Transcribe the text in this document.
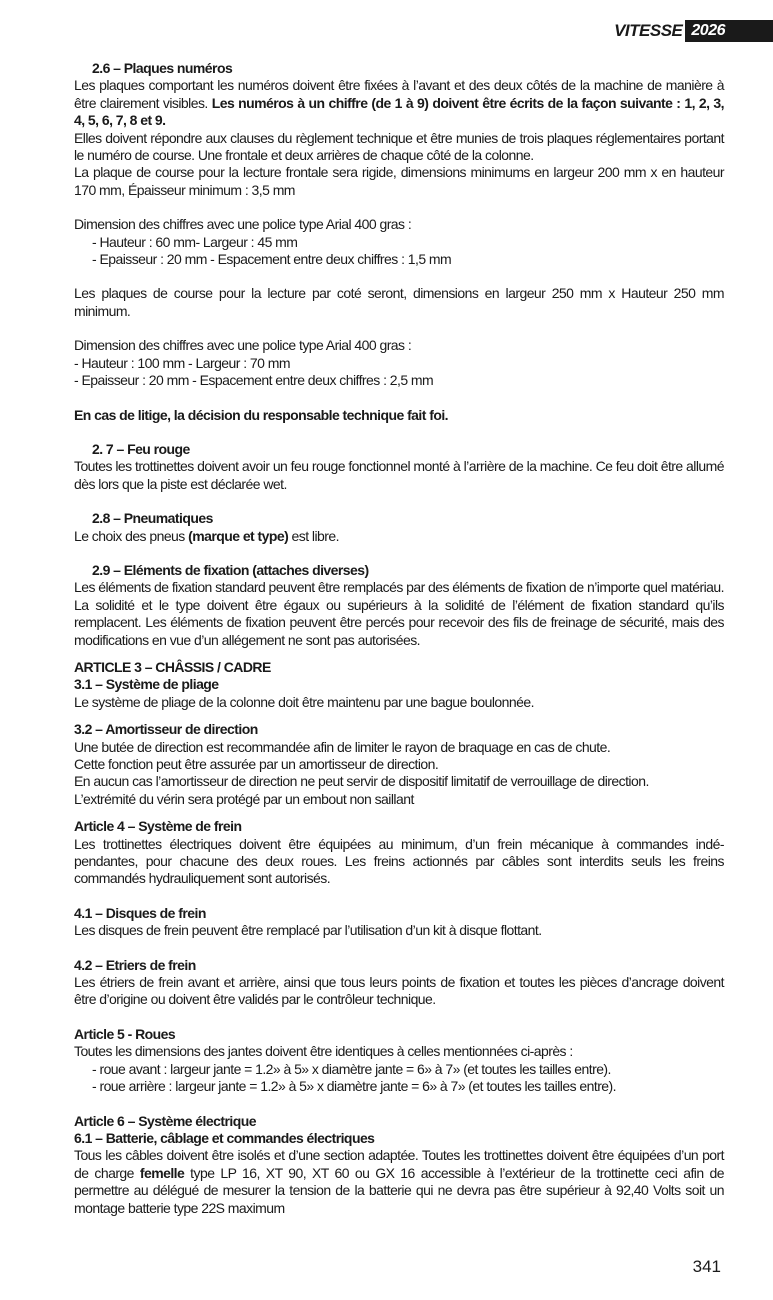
VITESSE 2026

2.6 – Plaques numéros

Les plaques comportant les numéros doivent être fixées à l’avant et des deux côtés de la machine de manière à être clairement visibles. Les numéros à un chiffre (de 1 à 9) doivent être écrits de la façon suivante : 1, 2, 3, 4, 5, 6, 7, 8 et 9.

Elles doivent répondre aux clauses du règlement technique et être munies de trois plaques réglementaires portant le numéro de course. Une frontale et deux arrières de chaque côté de la colonne.

La plaque de course pour la lecture frontale sera rigide, dimensions minimums en largeur 200 mm x en hauteur 170 mm, Épaisseur minimum : 3,5 mm

Dimension des chiffres avec une police type Arial 400 gras :

- Hauteur : 60 mm- Largeur : 45 mm

- Epaisseur : 20 mm - Espacement entre deux chiffres : 1,5 mm

Les plaques de course pour la lecture par coté seront, dimensions en largeur 250 mm x Hauteur 250 mm minimum.

Dimension des chiffres avec une police type Arial 400 gras :

- Hauteur : 100 mm - Largeur : 70 mm

- Epaisseur : 20 mm - Espacement entre deux chiffres : 2,5 mm

En cas de litige, la décision du responsable technique fait foi.

2. 7 – Feu rouge

Toutes les trottinettes doivent avoir un feu rouge fonctionnel monté à l’arrière de la machine. Ce feu doit être allumé dès lors que la piste est déclarée wet.

2.8 – Pneumatiques

Le choix des pneus (marque et type) est libre.

2.9 – Eléments de fixation (attaches diverses)

Les éléments de fixation standard peuvent être remplacés par des éléments de fixation de n’importe quel matériau. La solidité et le type doivent être égaux ou supérieurs à la solidité de l’élément de fixation standard qu’ils remplacent. Les éléments de fixation peuvent être percés pour recevoir des fils de freinage de sécurité, mais des modifications en vue d’un allégement ne sont pas autorisées.

ARTICLE 3 – CHÂSSIS / CADRE

3.1 – Système de pliage

Le système de pliage de la colonne doit être maintenu par une bague boulonnée.

3.2 – Amortisseur de direction

Une butée de direction est recommandée afin de limiter le rayon de braquage en cas de chute.

Cette fonction peut être assurée par un amortisseur de direction.

En aucun cas l’amortisseur de direction ne peut servir de dispositif limitatif de verrouillage de direction.

L’extrémité du vérin sera protégé par un embout non saillant

Article 4 – Système de frein

Les trottinettes électriques doivent être équipées au minimum, d’un frein mécanique à commandes indé-pendantes, pour chacune des deux roues. Les freins actionnés par câbles sont interdits seuls les freins commandés hydrauliquement sont autorisés.

4.1 – Disques de frein

Les disques de frein peuvent être remplacé par l’utilisation d’un kit à disque flottant.

4.2 – Etriers de frein

Les étriers de frein avant et arrière, ainsi que tous leurs points de fixation et toutes les pièces d’ancrage doivent être d’origine ou doivent être validés par le contrôleur technique.

Article 5 - Roues

Toutes les dimensions des jantes doivent être identiques à celles mentionnées ci-après :

- roue avant : largeur jante = 1.2» à 5» x diamètre jante = 6» à 7» (et toutes les tailles entre).

- roue arrière : largeur jante = 1.2» à 5» x diamètre jante = 6» à 7» (et toutes les tailles entre).

Article 6 – Système électrique

6.1 – Batterie, câblage et commandes électriques

Tous les câbles doivent être isolés et d’une section adaptée. Toutes les trottinettes doivent être équipées d’un port de charge femelle type LP 16, XT 90, XT 60 ou GX 16 accessible à l’extérieur de la trottinette ceci afin de permettre au délégué de mesurer la tension de la batterie qui ne devra pas être supérieur à 92,40 Volts soit un montage batterie type 22S maximum

341
